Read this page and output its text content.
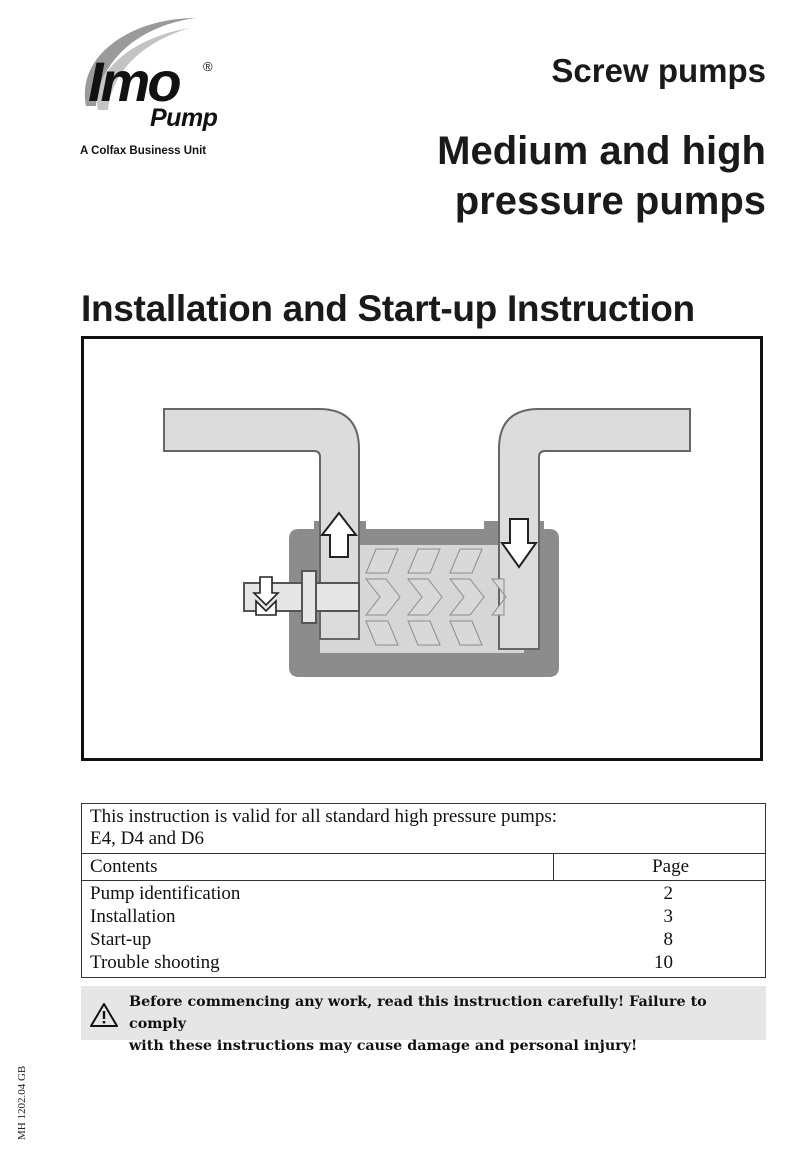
Imo ®
Pump
A Colfax Business Unit
Screw pumps
Medium and high
pressure pumps
Installation and Start-up Instruction
This instruction is valid for all standard high pressure pumps:
E4, D4 and D6
Contents	Page
Pump identification	2
Installation	3
Start-up	8
Trouble shooting	10
Before commencing any work, read this instruction carefully! Failure to comply
with these instructions may cause damage and personal injury!
MH 1202.04 GB
